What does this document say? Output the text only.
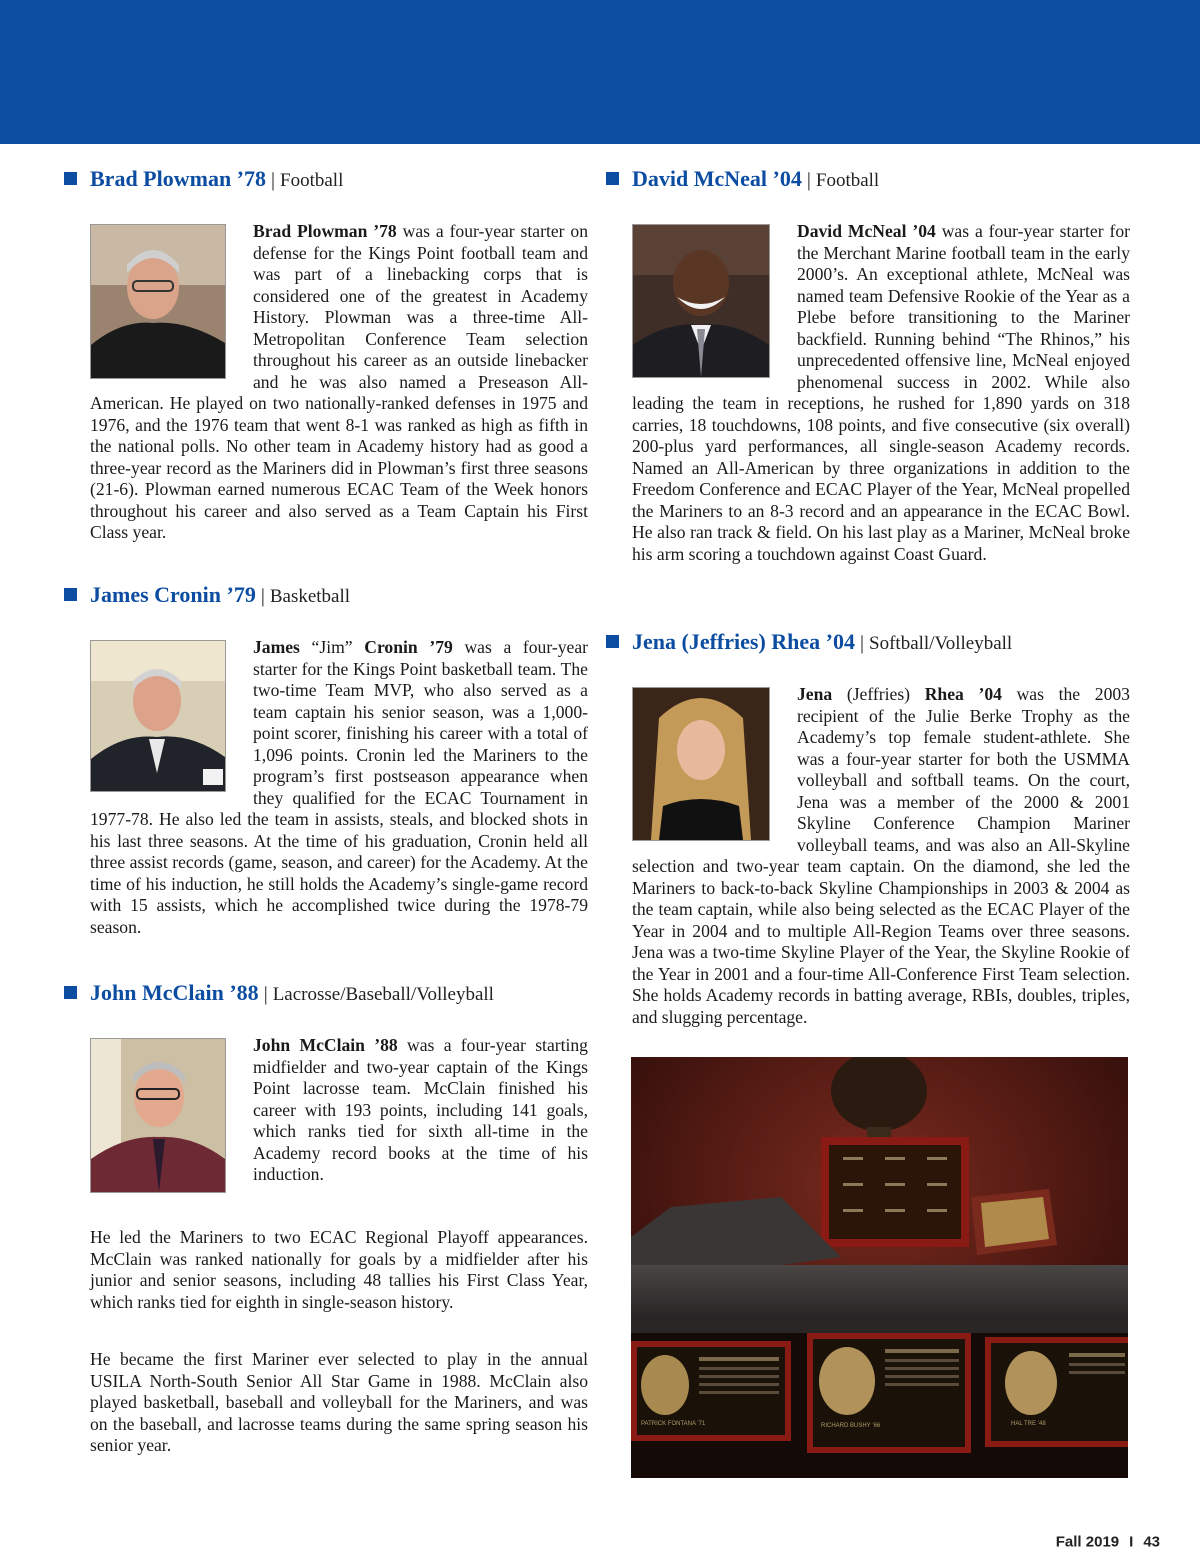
Brad Plowman ’78 | Football
Brad Plowman ’78 was a four-year starter on defense for the Kings Point football team and was part of a linebacking corps that is considered one of the greatest in Academy History. Plowman was a three-time All-Metropolitan Conference Team selection throughout his career as an outside linebacker and he was also named a Preseason All-American. He played on two nationally-ranked defenses in 1975 and 1976, and the 1976 team that went 8-1 was ranked as high as fifth in the national polls. No other team in Academy history had as good a three-year record as the Mariners did in Plowman’s first three seasons (21-6). Plowman earned numerous ECAC Team of the Week honors throughout his career and also served as a Team Captain his First Class year.
James Cronin ’79 | Basketball
James “Jim” Cronin ’79 was a four-year starter for the Kings Point basketball team. The two-time Team MVP, who also served as a team captain his senior season, was a 1,000-point scorer, finishing his career with a total of 1,096 points. Cronin led the Mariners to the program’s first postseason appearance when they qualified for the ECAC Tournament in 1977-78. He also led the team in assists, steals, and blocked shots in his last three seasons. At the time of his graduation, Cronin held all three assist records (game, season, and career) for the Academy. At the time of his induction, he still holds the Academy’s single-game record with 15 assists, which he accomplished twice during the 1978-79 season.
John McClain ’88 | Lacrosse/Baseball/Volleyball
John McClain ’88 was a four-year starting midfielder and two-year captain of the Kings Point lacrosse team. McClain finished his career with 193 points, including 141 goals, which ranks tied for sixth all-time in the Academy record books at the time of his induction.
He led the Mariners to two ECAC Regional Playoff appearances. McClain was ranked nationally for goals by a midfielder after his junior and senior seasons, including 48 tallies his First Class Year, which ranks tied for eighth in single-season history.
He became the first Mariner ever selected to play in the annual USILA North-South Senior All Star Game in 1988. McClain also played basketball, baseball and volleyball for the Mariners, and was on the baseball, and lacrosse teams during the same spring season his senior year.
David McNeal ’04 | Football
David McNeal ’04 was a four-year starter for the Merchant Marine football team in the early 2000’s. An exceptional athlete, McNeal was named team Defensive Rookie of the Year as a Plebe before transitioning to the Mariner backfield. Running behind “The Rhinos,” his unprecedented offensive line, McNeal enjoyed phenomenal success in 2002. While also leading the team in receptions, he rushed for 1,890 yards on 318 carries, 18 touchdowns, 108 points, and five consecutive (six overall) 200-plus yard performances, all single-season Academy records. Named an All-American by three organizations in addition to the Freedom Conference and ECAC Player of the Year, McNeal propelled the Mariners to an 8-3 record and an appearance in the ECAC Bowl. He also ran track & field. On his last play as a Mariner, McNeal broke his arm scoring a touchdown against Coast Guard.
Jena (Jeffries) Rhea ’04 | Softball/Volleyball
Jena (Jeffries) Rhea ’04 was the 2003 recipient of the Julie Berke Trophy as the Academy’s top female student-athlete. She was a four-year starter for both the USMMA volleyball and softball teams. On the court, Jena was a member of the 2000 & 2001 Skyline Conference Champion Mariner volleyball teams, and was also an All-Skyline selection and two-year team captain. On the diamond, she led the Mariners to back-to-back Skyline Championships in 2003 & 2004 as the team captain, while also being selected as the ECAC Player of the Year in 2004 and to multiple All-Region Teams over three seasons. Jena was a two-time Skyline Player of the Year, the Skyline Rookie of the Year in 2001 and a four-time All-Conference First Team selection. She holds Academy records in batting average, RBIs, doubles, triples, and slugging percentage.
PATRICK FONTANA ’71	RICHARD BUSHY ’66	HAL TRE ’48
Fall 2019 I 43
